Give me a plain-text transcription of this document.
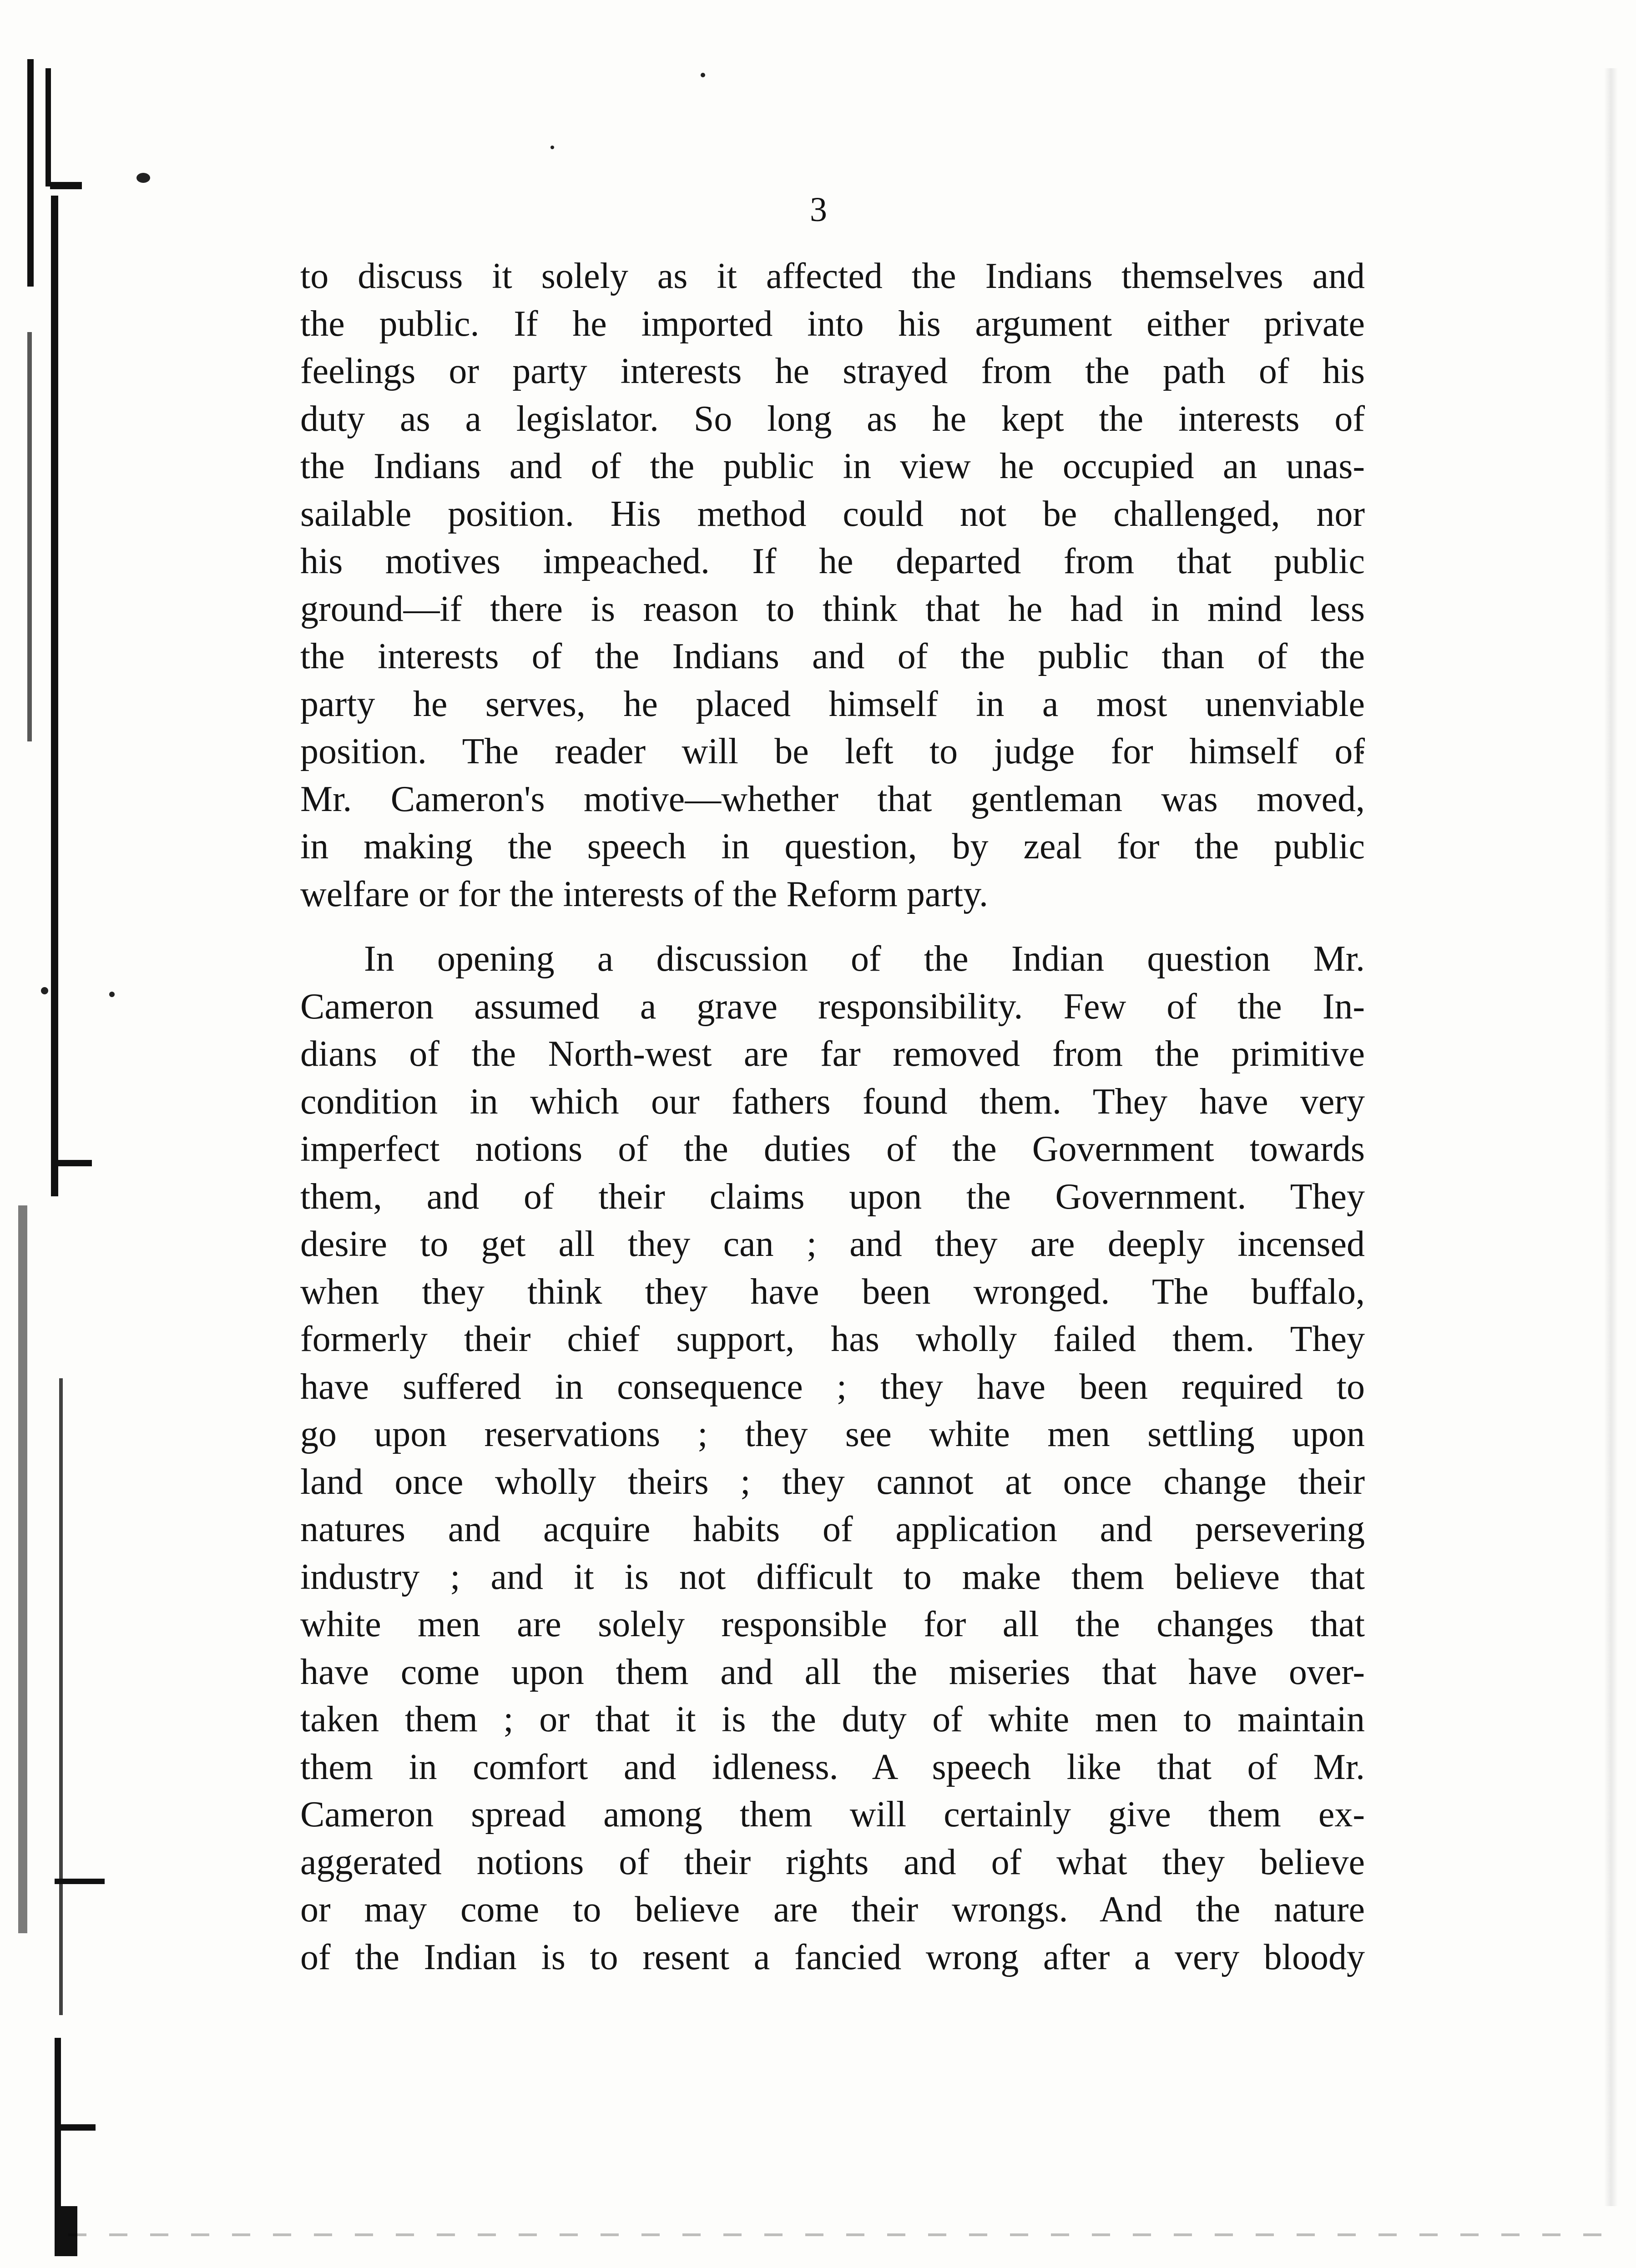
3

to discuss it solely as it affected the Indians themselves and
the public. If he imported into his argument either private
feelings or party interests he strayed from the path of his
duty as a legislator. So long as he kept the interests of
the Indians and of the public in view he occupied an unas-
sailable position. His method could not be challenged, nor
his motives impeached. If he departed from that public
ground—if there is reason to think that he had in mind less
the interests of the Indians and of the public than of the
party he serves, he placed himself in a most unenviable
position. The reader will be left to judge for himself of
Mr. Cameron's motive—whether that gentleman was moved,
in making the speech in question, by zeal for the public
welfare or for the interests of the Reform party.

In opening a discussion of the Indian question Mr.
Cameron assumed a grave responsibility. Few of the In-
dians of the North-west are far removed from the primitive
condition in which our fathers found them. They have very
imperfect notions of the duties of the Government towards
them, and of their claims upon the Government. They
desire to get all they can ; and they are deeply incensed
when they think they have been wronged. The buffalo,
formerly their chief support, has wholly failed them. They
have suffered in consequence ; they have been required to
go upon reservations ; they see white men settling upon
land once wholly theirs ; they cannot at once change their
natures and acquire habits of application and persevering
industry ; and it is not difficult to make them believe that
white men are solely responsible for all the changes that
have come upon them and all the miseries that have over-
taken them ; or that it is the duty of white men to maintain
them in comfort and idleness. A speech like that of Mr.
Cameron spread among them will certainly give them ex-
aggerated notions of their rights and of what they believe
or may come to believe are their wrongs. And the nature
of the Indian is to resent a fancied wrong after a very bloody
